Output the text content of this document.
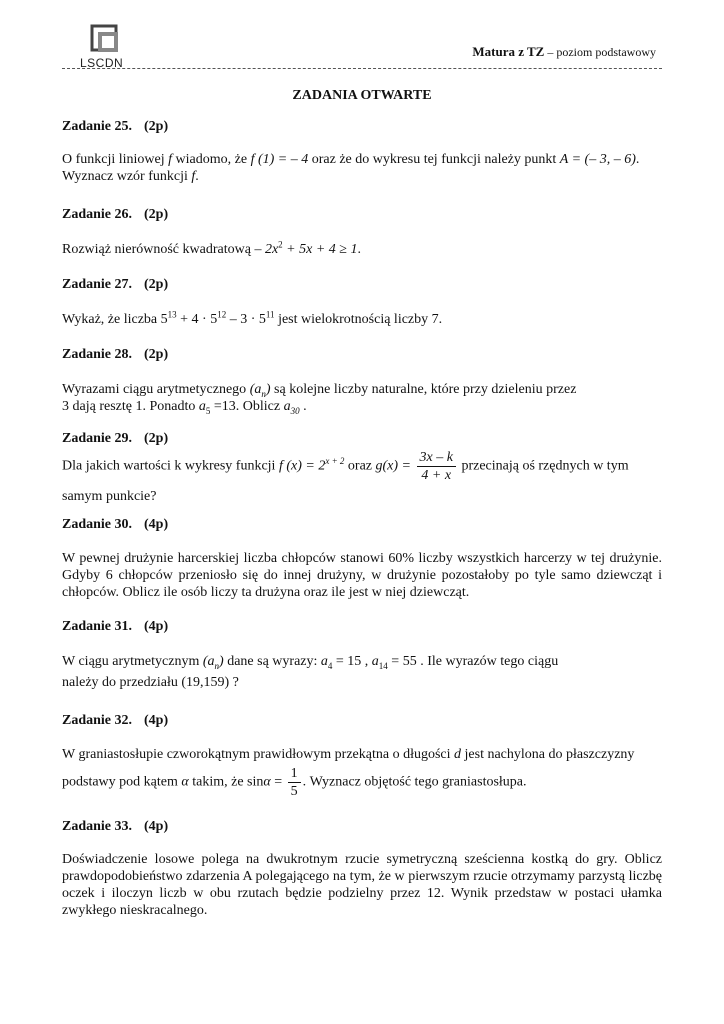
LSCDN
Matura z TZ – poziom podstawowy
ZADANIA OTWARTE
Zadanie 25. (2p)

O funkcji liniowej f wiadomo, że f (1) = – 4 oraz że do wykresu tej funkcji należy punkt A = (– 3, – 6).

Wyznacz wzór funkcji f.

Zadanie 26. (2p)

Rozwiąż nierówność kwadratową – $2x^2 + 5x + 4 \ge 1$.

Zadanie 27. (2p)

Wykaż, że liczba $5^{13} + 4 \cdot 5^{12} - 3 \cdot 5^{11}$ jest wielokrotnością liczby 7.

Zadanie 28. (2p)

Wyrazami ciągu arytmetycznego $(a_n)$ są kolejne liczby naturalne, które przy dzieleniu przez

3 dają resztę 1. Ponadto $a_5 =13$. Oblicz $a_{30}$ .

Zadanie 29. (2p)

Dla jakich wartości k wykresy funkcji f $(x) = 2^{x + 2}$ oraz $g(x) = \frac{3x - k}{4 + x}$ przecinają oś rzędnych w tym

samym punkcie?

Zadanie 30. (4p)

W pewnej drużynie harcerskiej liczba chłopców stanowi 60% liczby wszystkich harcerzy w tej drużynie. Gdyby 6 chłopców przeniosło się do innej drużyny, w drużynie pozostałoby po tyle samo dziewcząt i chłopców. Oblicz ile osób liczy ta drużyna oraz ile jest w niej dziewcząt.

Zadanie 31. (4p)

W ciągu arytmetycznym $(a_n)$ dane są wyrazy: $a_4 = 15$ , $a_{14} = 55$ . Ile wyrazów tego ciągu

należy do przedziału (19,159) ?

Zadanie 32. (4p)

W graniastosłupie czworokątnym prawidłowym przekątna o długości d jest nachylona do płaszczyzny

podstawy pod kątem α takim, że $\sin\alpha = \frac{1}{5}$ . Wyznacz objętość tego graniastosłupa.

Zadanie 33. (4p)

Doświadczenie losowe polega na dwukrotnym rzucie symetryczną sześcienna kostką do gry. Oblicz prawdopodobieństwo zdarzenia A polegającego na tym, że w pierwszym rzucie otrzymamy parzystą liczbę oczek i iloczyn liczb w obu rzutach będzie podzielny przez 12. Wynik przedstaw w postaci ułamka zwykłego nieskracalnego.
